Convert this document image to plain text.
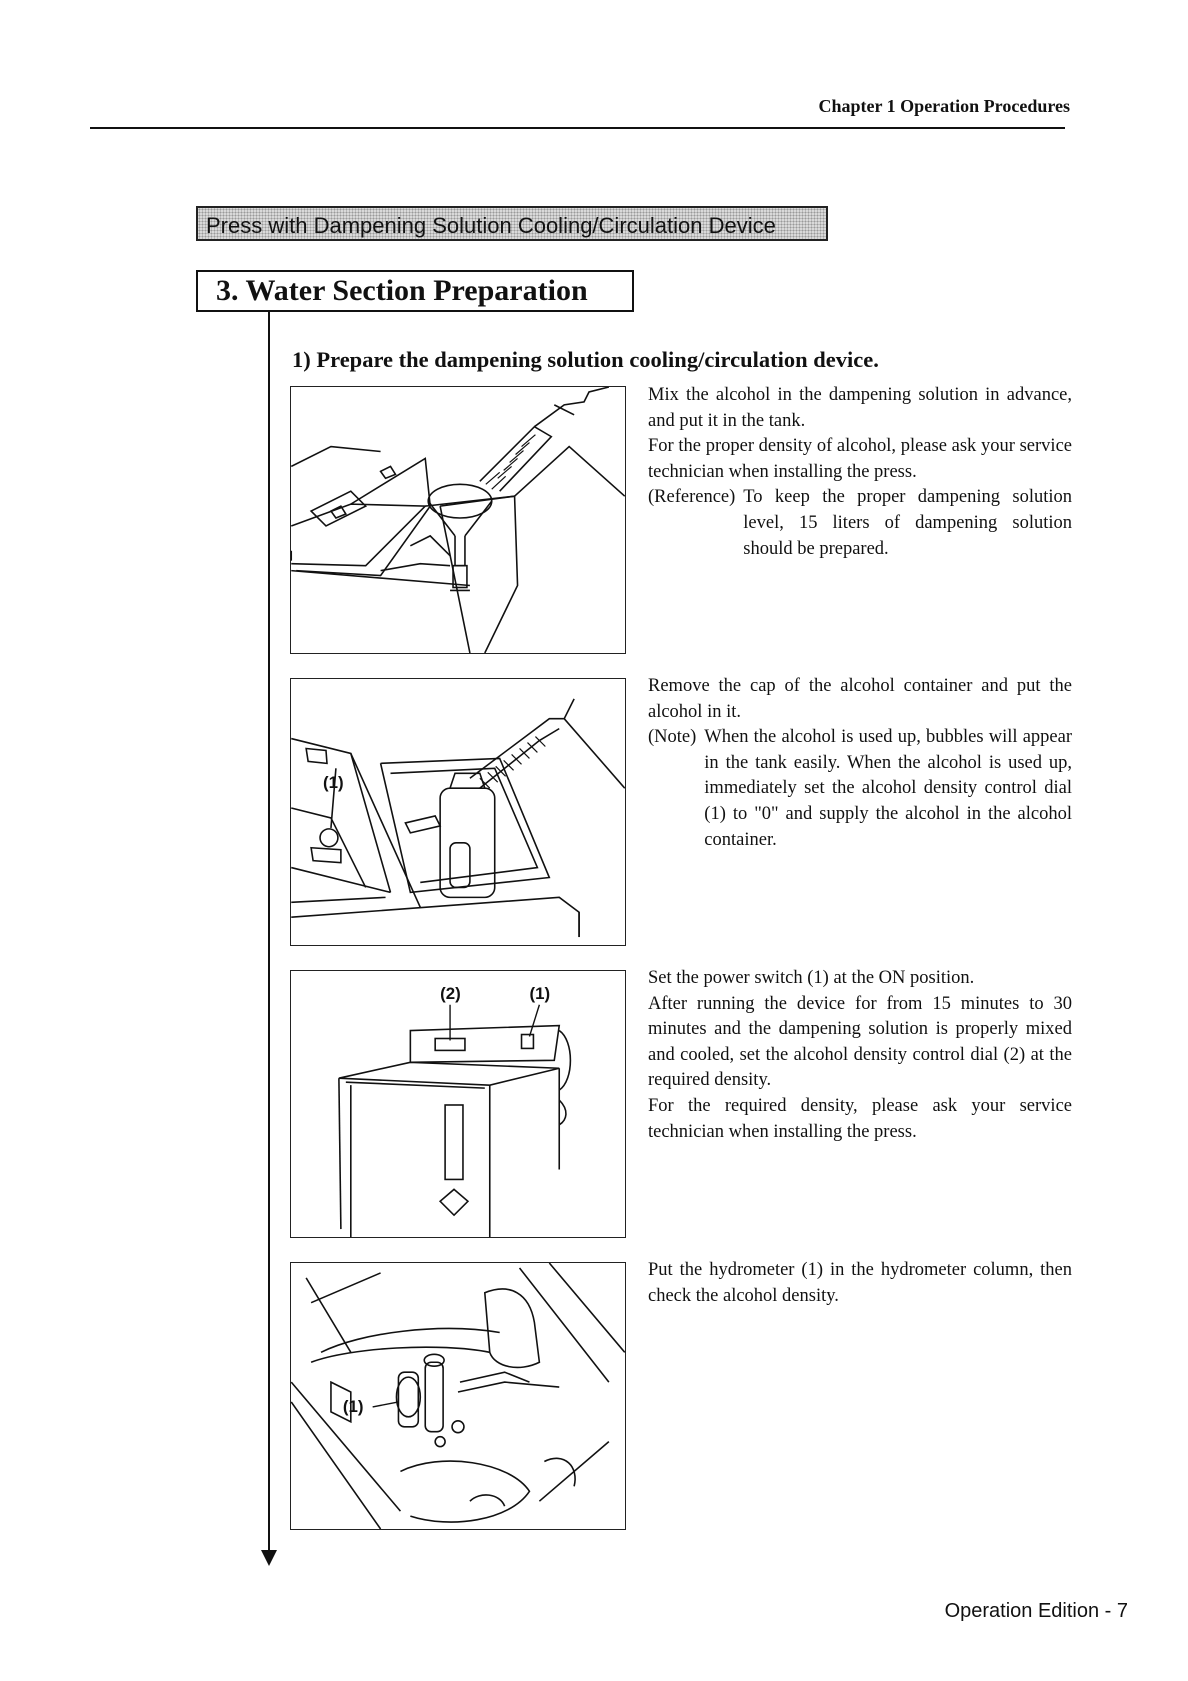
Chapter 1 Operation Procedures
Press with Dampening Solution Cooling/Circulation Device
3. Water Section Preparation
1) Prepare the dampening solution cooling/circulation device.

Mix the alcohol in the dampening solution in advance, and put it in the tank.

For the proper density of alcohol, please ask your service technician when installing the press.

(Reference) To keep the proper dampening solution level, 15 liters of dampening solution should be prepared.
(1)

Remove the cap of the alcohol container and put the alcohol in it.

(Note) When the alcohol is used up, bubbles will appear in the tank easily. When the alcohol is used up, immediately set the alcohol density control dial (1) to "0" and supply the alcohol in the alcohol container.
(2)	(1)

Set the power switch (1) at the ON position.

After running the device for from 15 minutes to 30 minutes and the dampening solution is properly mixed and cooled, set the alcohol density control dial (2) at the required density.

For the required density, please ask your service technician when installing the press.

(1)

Put the hydrometer (1) in the hydrometer column, then check the alcohol density.

Operation Edition - 7
